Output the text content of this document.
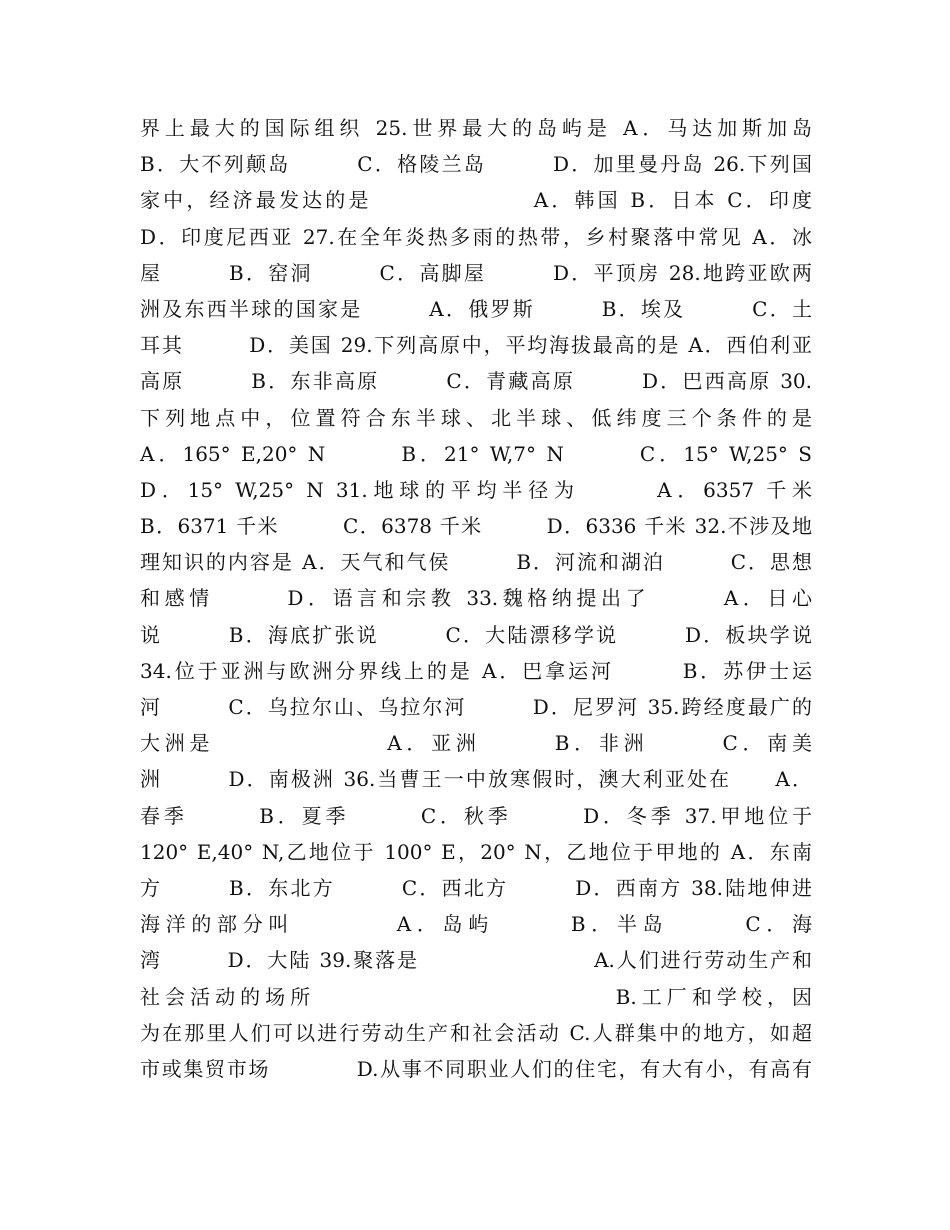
界上最大的国际组织 25.世界最大的岛屿是 A．马达加斯加岛
B．大不列颠岛　　　C．格陵兰岛　　　D．加里曼丹岛 26.下列国
家中，经济最发达的是　　　　　　　A．韩国 B．日本 C．印度
D．印度尼西亚 27.在全年炎热多雨的热带，乡村聚落中常见 A．冰
屋　　　B．窑洞　　　C．高脚屋　　　D．平顶房 28.地跨亚欧两
洲及东西半球的国家是　　　A．俄罗斯　　　B．埃及　　　C．土
耳其　　　D．美国 29.下列高原中，平均海拔最高的是 A．西伯利亚
高原　　　B．东非高原　　　C．青藏高原　　　D．巴西高原 30.
下列地点中，位置符合东半球、北半球、低纬度三个条件的是
A．165° E,20° N　　　B．21° W,7° N　　　C．15° W,25° S
D．15° W,25° N 31.地球的平均半径为　　　A．6357 千米
B．6371 千米　　　C．6378 千米　　　D．6336 千米 32.不涉及地
理知识的内容是 A．天气和气侯　　　B．河流和湖泊　　　C．思想
和感情　　　D．语言和宗教 33.魏格纳提出了　　　A．日心
说　　　B．海底扩张说　　　C．大陆漂移学说　　　D．板块学说
34.位于亚洲与欧洲分界线上的是 A．巴拿运河　　　B．苏伊士运
河　　　C．乌拉尔山、乌拉尔河　　　D．尼罗河 35.跨经度最广的
大洲是　　　　　　　A．亚洲　　　B．非洲　　　C．南美
洲　　　D．南极洲 36.当曹王一中放寒假时，澳大利亚处在　　A．
春季　　　B．夏季　　　C．秋季　　　D．冬季 37.甲地位于
120° E,40° N,乙地位于 100° E，20° N，乙地位于甲地的 A．东南
方　　　B．东北方　　　C．西北方　　　D．西南方 38.陆地伸进
海洋的部分叫　　　　A．岛屿　　　B．半岛　　　C．海
湾　　　D．大陆 39.聚落是　　　　　　　　A.人们进行劳动生产和
社会活动的场所　　　　　　　　　　　　B.工厂和学校，因
为在那里人们可以进行劳动生产和社会活动 C.人群集中的地方，如超
市或集贸市场　　　　D.从事不同职业人们的住宅，有大有小，有高有
